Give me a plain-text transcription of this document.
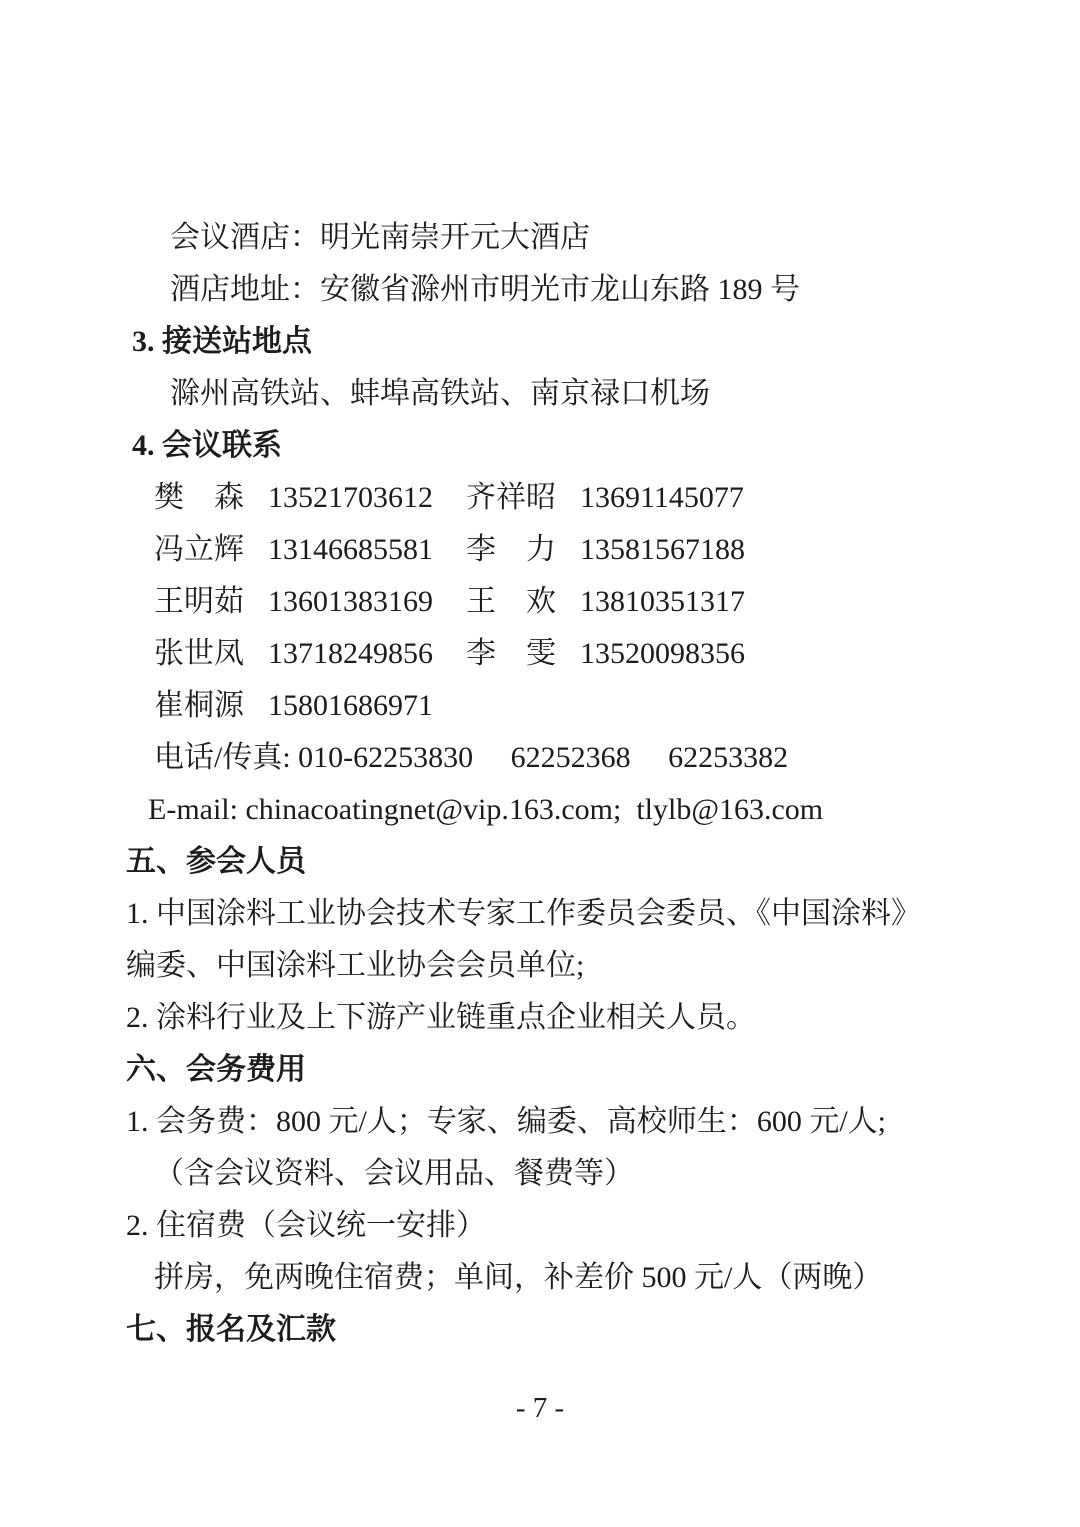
会议酒店：明光南崇开元大酒店
酒店地址：安徽省滁州市明光市龙山东路 189 号
3. 接送站地点
滁州高铁站、蚌埠高铁站、南京禄口机场
4. 会议联系
樊　森 13521703612 齐祥昭 13691145077
冯立辉 13146685581 李　力 13581567188
王明茹 13601383169 王　欢 13810351317
张世凤 13718249856 李　雯 13520098356
崔桐源 15801686971
电话/传真: 010-62253830　 62252368　 62253382
E-mail: chinacoatingnet@vip.163.com;  tlylb@163.com
五、参会人员
1. 中国涂料工业协会技术专家工作委员会委员、《中国涂料》
编委、中国涂料工业协会会员单位;
2. 涂料行业及上下游产业链重点企业相关人员。
六、会务费用
1. 会务费：800 元/人；专家、编委、高校师生：600 元/人;
（含会议资料、会议用品、餐费等）
2. 住宿费（会议统一安排）
拼房，免两晚住宿费；单间，补差价 500 元/人（两晚）
七、报名及汇款
- 7 -
